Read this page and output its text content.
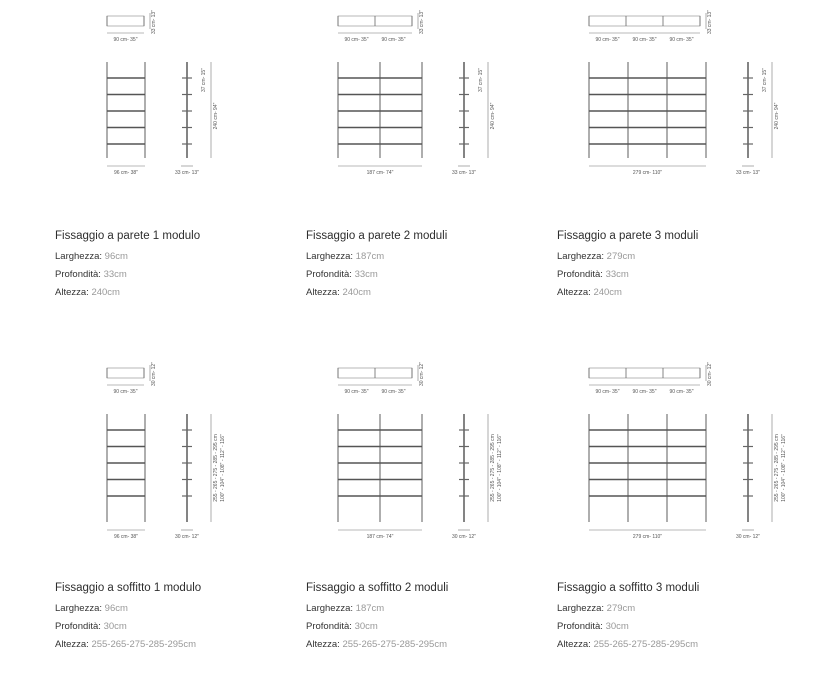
33 cm- 13"
90 cm- 35"
96 cm- 38"	33 cm- 13"
240 cm- 94"
37 cm- 15"
Fissaggio a parete 1 modulo
Larghezza: 96cm
Profondità: 33cm
Altezza: 240cm
33 cm- 13"
90 cm- 35"	90 cm- 35"
187 cm- 74"	33 cm- 13"
240 cm- 94"
37 cm- 15"
Fissaggio a parete 2 moduli
Larghezza: 187cm
Profondità: 33cm
Altezza: 240cm
33 cm- 13"
90 cm- 35"	90 cm- 35"	90 cm- 35"
279 cm- 110"	33 cm- 13"
240 cm- 94"
37 cm- 15"
Fissaggio a parete 3 moduli
Larghezza: 279cm
Profondità: 33cm
Altezza: 240cm
30 cm- 12"
90 cm- 35"
96 cm- 38"	30 cm- 12"
255 - 265 - 275 - 285 - 295 cm 100" - 104" - 108" - 112" - 116"
Fissaggio a soffitto 1 modulo
Larghezza: 96cm
Profondità: 30cm
Altezza: 255-265-275-285-295cm
30 cm- 12"
90 cm- 35"	90 cm- 35"
187 cm- 74"	30 cm- 12"
255 - 265 - 275 - 285 - 295 cm 100" - 104" - 108" - 112" - 116"
Fissaggio a soffitto 2 moduli
Larghezza: 187cm
Profondità: 30cm
Altezza: 255-265-275-285-295cm
30 cm- 12"
90 cm- 35"	90 cm- 35"	90 cm- 35"
279 cm- 110"	30 cm- 12"
255 - 265 - 275 - 285 - 295 cm 100" - 104" - 108" - 112" - 116"
Fissaggio a soffitto 3 moduli
Larghezza: 279cm
Profondità: 30cm
Altezza: 255-265-275-285-295cm
